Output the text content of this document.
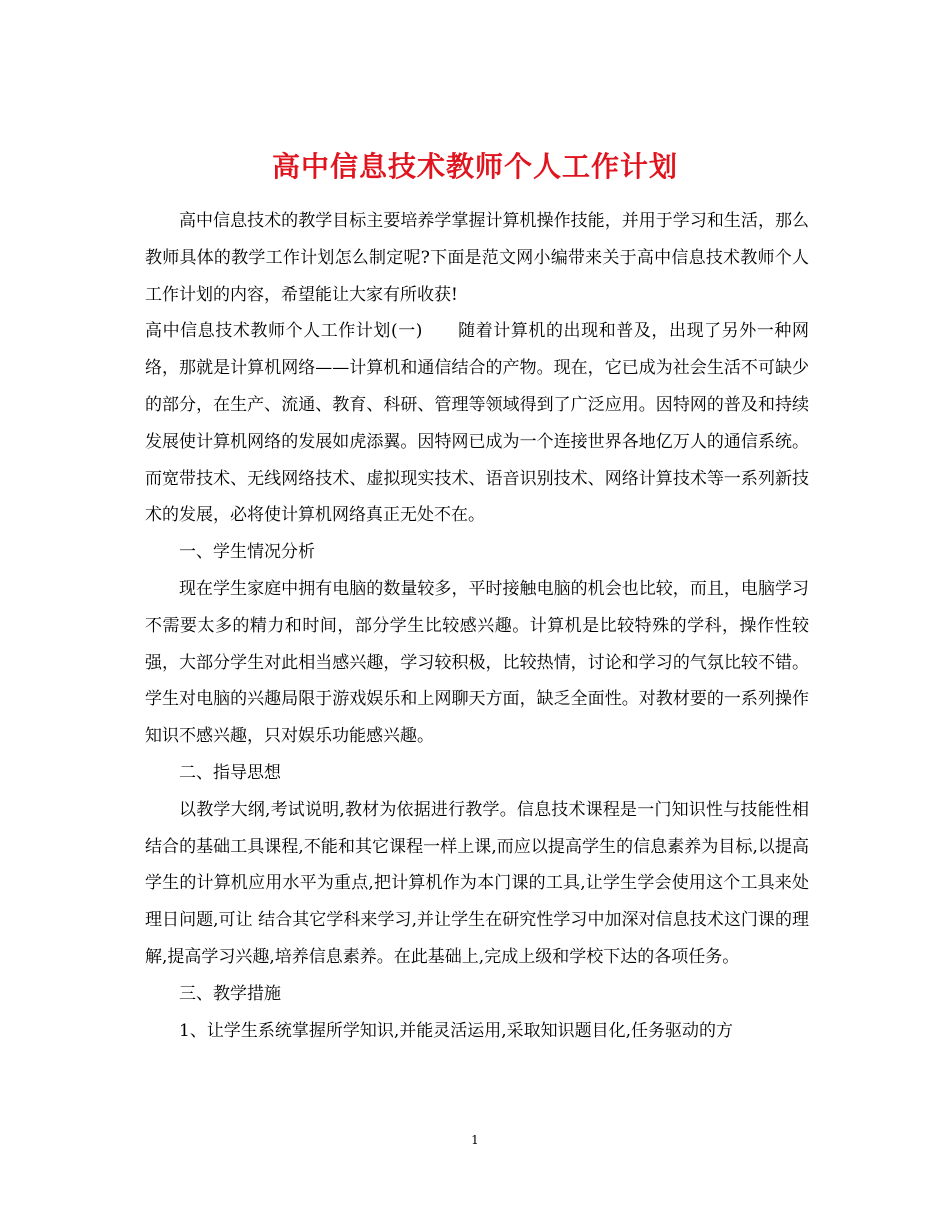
高中信息技术教师个人工作计划

高中信息技术的教学目标主要培养学掌握计算机操作技能，并用于学习和生活，那么教师具体的教学工作计划怎么制定呢?下面是范文网小编带来关于高中信息技术教师个人工作计划的内容，希望能让大家有所收获!

高中信息技术教师个人工作计划(一)　　随着计算机的出现和普及，出现了另外一种网络，那就是计算机网络——计算机和通信结合的产物。现在，它已成为社会生活不可缺少的部分，在生产、流通、教育、科研、管理等领域得到了广泛应用。因特网的普及和持续发展使计算机网络的发展如虎添翼。因特网已成为一个连接世界各地亿万人的通信系统。而宽带技术、无线网络技术、虚拟现实技术、语音识别技术、网络计算技术等一系列新技术的发展，必将使计算机网络真正无处不在。

一、学生情况分析

现在学生家庭中拥有电脑的数量较多，平时接触电脑的机会也比较，而且，电脑学习不需要太多的精力和时间，部分学生比较感兴趣。计算机是比较特殊的学科，操作性较强，大部分学生对此相当感兴趣，学习较积极，比较热情，讨论和学习的气氛比较不错。学生对电脑的兴趣局限于游戏娱乐和上网聊天方面，缺乏全面性。对教材要的一系列操作知识不感兴趣，只对娱乐功能感兴趣。

二、指导思想

以教学大纲,考试说明,教材为依据进行教学。信息技术课程是一门知识性与技能性相结合的基础工具课程,不能和其它课程一样上课,而应以提高学生的信息素养为目标,以提高学生的计算机应用水平为重点,把计算机作为本门课的工具,让学生学会使用这个工具来处理日问题,可让 结合其它学科来学习,并让学生在研究性学习中加深对信息技术这门课的理解,提高学习兴趣,培养信息素养。在此基础上,完成上级和学校下达的各项任务。

三、教学措施

1、让学生系统掌握所学知识,并能灵活运用,采取知识题目化,任务驱动的方

1
